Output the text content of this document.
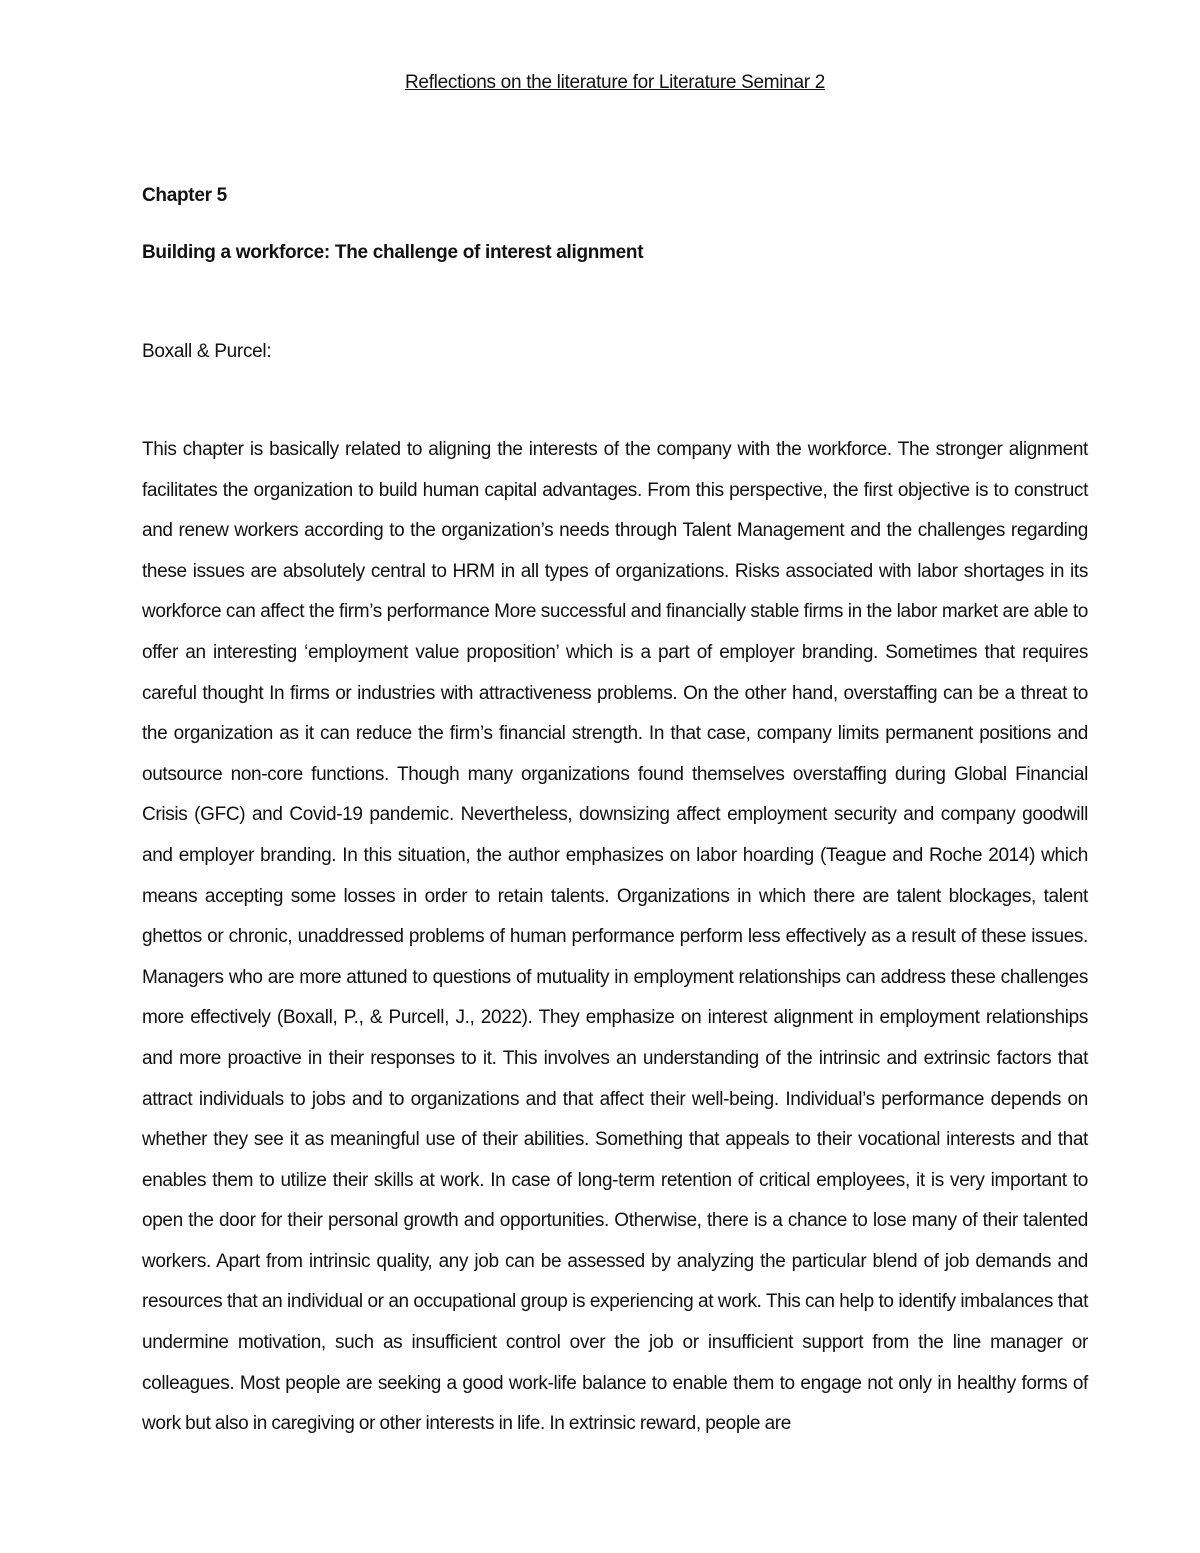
Reflections on the literature for Literature Seminar 2
Chapter 5
Building a workforce: The challenge of interest alignment
Boxall & Purcel:

This chapter is basically related to aligning the interests of the company with the workforce. The stronger alignment facilitates the organization to build human capital advantages. From this perspective, the first objective is to construct and renew workers according to the organization’s needs through Talent Management and the challenges regarding these issues are absolutely central to HRM in all types of organizations. Risks associated with labor shortages in its workforce can affect the firm’s performance More successful and financially stable firms in the labor market are able to offer an interesting ‘employment value proposition’ which is a part of employer branding. Sometimes that requires careful thought In firms or industries with attractiveness problems. On the other hand, overstaffing can be a threat to the organization as it can reduce the firm’s financial strength. In that case, company limits permanent positions and outsource non-core functions. Though many organizations found themselves overstaffing during Global Financial Crisis (GFC) and Covid-19 pandemic. Nevertheless, downsizing affect employment security and company goodwill and employer branding. In this situation, the author emphasizes on labor hoarding (Teague and Roche 2014) which means accepting some losses in order to retain talents. Organizations in which there are talent blockages, talent ghettos or chronic, unaddressed problems of human performance perform less effectively as a result of these issues. Managers who are more attuned to questions of mutuality in employment relationships can address these challenges more effectively (Boxall, P., & Purcell, J., 2022). They emphasize on interest alignment in employment relationships and more proactive in their responses to it. This involves an understanding of the intrinsic and extrinsic factors that attract individuals to jobs and to organizations and that affect their well-being. Individual’s performance depends on whether they see it as meaningful use of their abilities. Something that appeals to their vocational interests and that enables them to utilize their skills at work. In case of long-term retention of critical employees, it is very important to open the door for their personal growth and opportunities. Otherwise, there is a chance to lose many of their talented workers. Apart from intrinsic quality, any job can be assessed by analyzing the particular blend of job demands and resources that an individual or an occupational group is experiencing at work. This can help to identify imbalances that undermine motivation, such as insufficient control over the job or insufficient support from the line manager or colleagues. Most people are seeking a good work-life balance to enable them to engage not only in healthy forms of work but also in caregiving or other interests in life. In extrinsic reward, people are
